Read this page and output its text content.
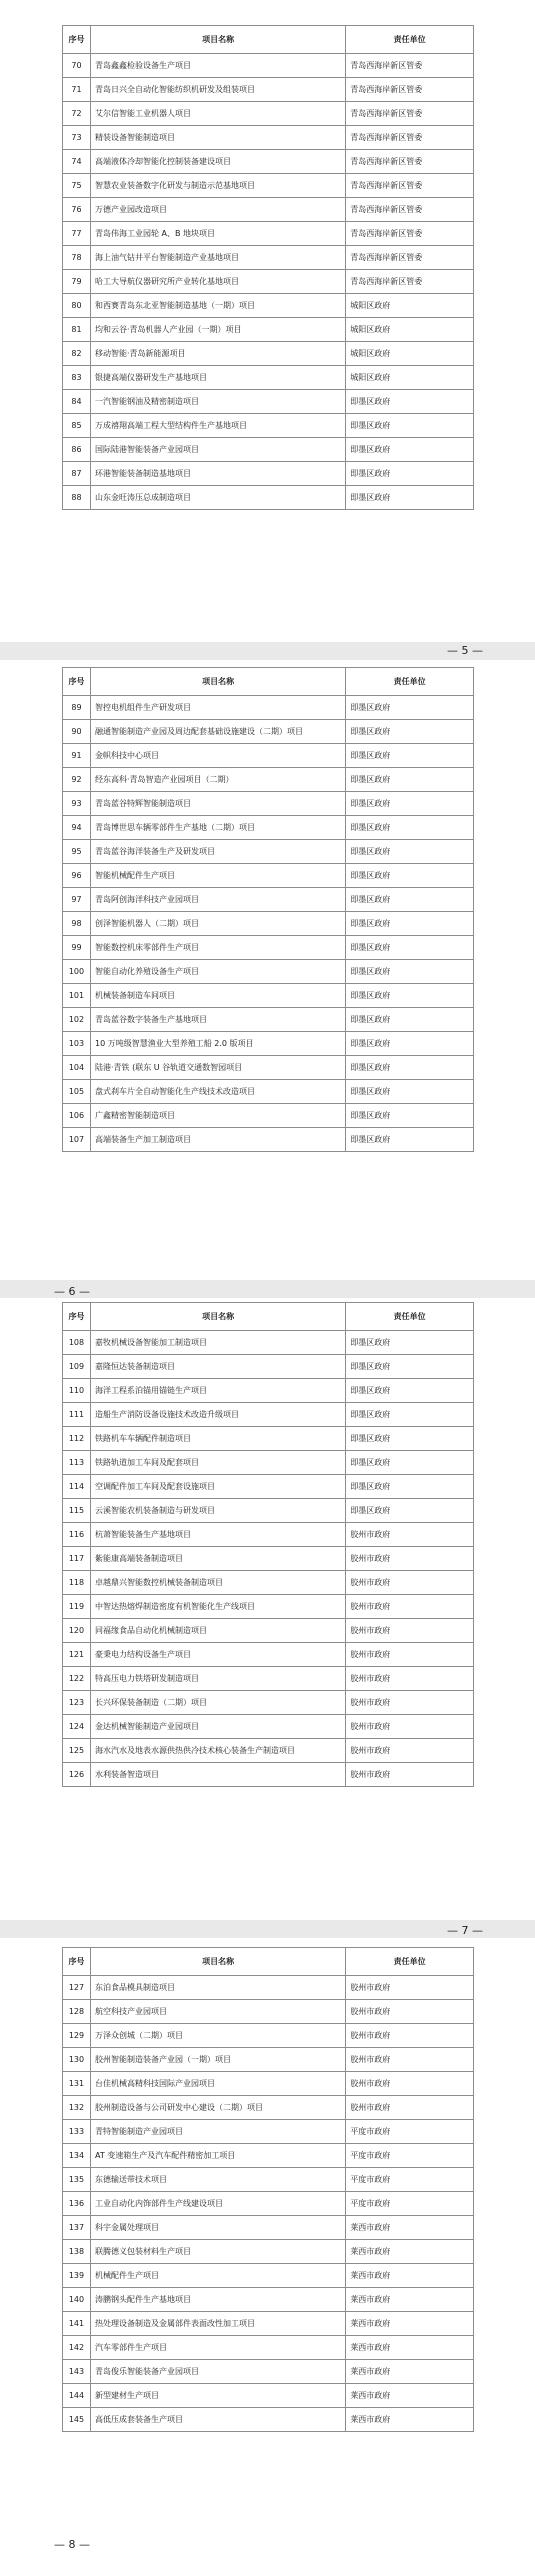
序号	项目名称	责任单位
70	青岛鑫鑫检验设备生产项目	青岛西海岸新区管委
71	青岛日兴全自动化智能纺织机研发及组装项目	青岛西海岸新区管委
72	艾尔信智能工业机器人项目	青岛西海岸新区管委
73	精装设备智能制造项目	青岛西海岸新区管委
74	高端液体冷却智能化控制装备建设项目	青岛西海岸新区管委
75	智慧农业装备数字化研发与制造示范基地项目	青岛西海岸新区管委
76	万德产业园改造项目	青岛西海岸新区管委
77	青岛伟海工业园轮 A、B 地块项目	青岛西海岸新区管委
78	海上油气钻井平台智能制造产业基地项目	青岛西海岸新区管委
79	哈工大导航仪器研究所产业转化基地项目	青岛西海岸新区管委
80	和西赛青岛东北亚智能制造基地（一期）项目	城阳区政府
81	均和云谷·青岛机器人产业园（一期）项目	城阳区政府
82	移动智能·青岛新能源项目	城阳区政府
83	银捷高端仪器研发生产基地项目	城阳区政府
84	一汽智能钢油及精密制造项目	即墨区政府
85	万成禧翔高端工程大型结构件生产基地项目	即墨区政府
86	国际陆港智能装备产业园项目	即墨区政府
87	环港智能装备制造基地项目	即墨区政府
88	山东金旺涛压总成制造项目	即墨区政府
— 5 —
序号	项目名称	责任单位
89	智控电机组件生产研发项目	即墨区政府
90	融通智能制造产业园及周边配套基础设施建设（二期）项目	即墨区政府
91	金帜科技中心项目	即墨区政府
92	经东高科·青岛智造产业园项目（二期）	即墨区政府
93	青岛蓝谷特辉智能制造项目	即墨区政府
94	青岛博世思车辆零部件生产基地（二期）项目	即墨区政府
95	青岛蓝谷海洋装备生产及研发项目	即墨区政府
96	智能机械配件生产项目	即墨区政府
97	青岛阿创海洋科技产业园项目	即墨区政府
98	创泽智能机器人（二期）项目	即墨区政府
99	智能数控机床零部件生产项目	即墨区政府
100	智能自动化养殖设备生产项目	即墨区政府
101	机械装备制造车间项目	即墨区政府
102	青岛蓝谷数字装备生产基地项目	即墨区政府
103	10 万吨级智慧渔业大型养殖工船 2.0 版项目	即墨区政府
104	陆港·青铁 (联东 U 谷轨道交通数智园项目	即墨区政府
105	盘式刹车片全自动智能化生产线技术改造项目	即墨区政府
106	广鑫精密智能制造项目	即墨区政府
107	高端装备生产加工制造项目	即墨区政府
— 6 —
序号	项目名称	责任单位
108	嘉牧机械设备智能加工制造项目	即墨区政府
109	嘉隆恒达装备制造项目	即墨区政府
110	海洋工程系泊锚用锚链生产项目	即墨区政府
111	造船生产消防设备设施技术改造升级项目	即墨区政府
112	铁路机车车辆配件制造项目	即墨区政府
113	铁路轨道加工车间及配套项目	即墨区政府
114	空调配件加工车间及配套设施项目	即墨区政府
115	云溪智能农机装备制造与研发项目	即墨区政府
116	杭萧智能装备生产基地项目	胶州市政府
117	紫能康高端装备制造项目	胶州市政府
118	卓越鼎兴智能数控机械装备制造项目	胶州市政府
119	中智达热熔焊制造密度有机智能化生产线项目	胶州市政府
120	同福缘食品自动化机械制造项目	胶州市政府
121	豪秉电力结构设备生产项目	胶州市政府
122	特高压电力铁塔研发制造项目	胶州市政府
123	长兴环保装备制造（二期）项目	胶州市政府
124	金达机械智能制造产业园项目	胶州市政府
125	海水汽水及地表水源供热供冷技术核心装备生产制造项目	胶州市政府
126	水利装备智造项目	胶州市政府
— 7 —
序号	项目名称	责任单位
127	东泊食品模具制造项目	胶州市政府
128	航空科技产业园项目	胶州市政府
129	万泽众创城（二期）项目	胶州市政府
130	胶州智能制造装备产业园（一期）项目	胶州市政府
131	台佳机械高精科技国际产业园项目	胶州市政府
132	胶州制造设备与公司研发中心建设（二期）项目	胶州市政府
133	青特智能制造产业园项目	平度市政府
134	AT 变速箱生产及汽车配件精密加工项目	平度市政府
135	东德输送带技术项目	平度市政府
136	工业自动化内饰部件生产线建设项目	平度市政府
137	科宇金属处理项目	莱西市政府
138	联腾德义包装材料生产项目	莱西市政府
139	机械配件生产项目	莱西市政府
140	涛鹏钢头配件生产基地项目	莱西市政府
141	热处理设备制造及金属部件表面改性加工项目	莱西市政府
142	汽车零部件生产项目	莱西市政府
143	青岛俊乐智能装备产业园项目	莱西市政府
144	新型建材生产项目	莱西市政府
145	高低压成套装备生产项目	莱西市政府
— 8 —
